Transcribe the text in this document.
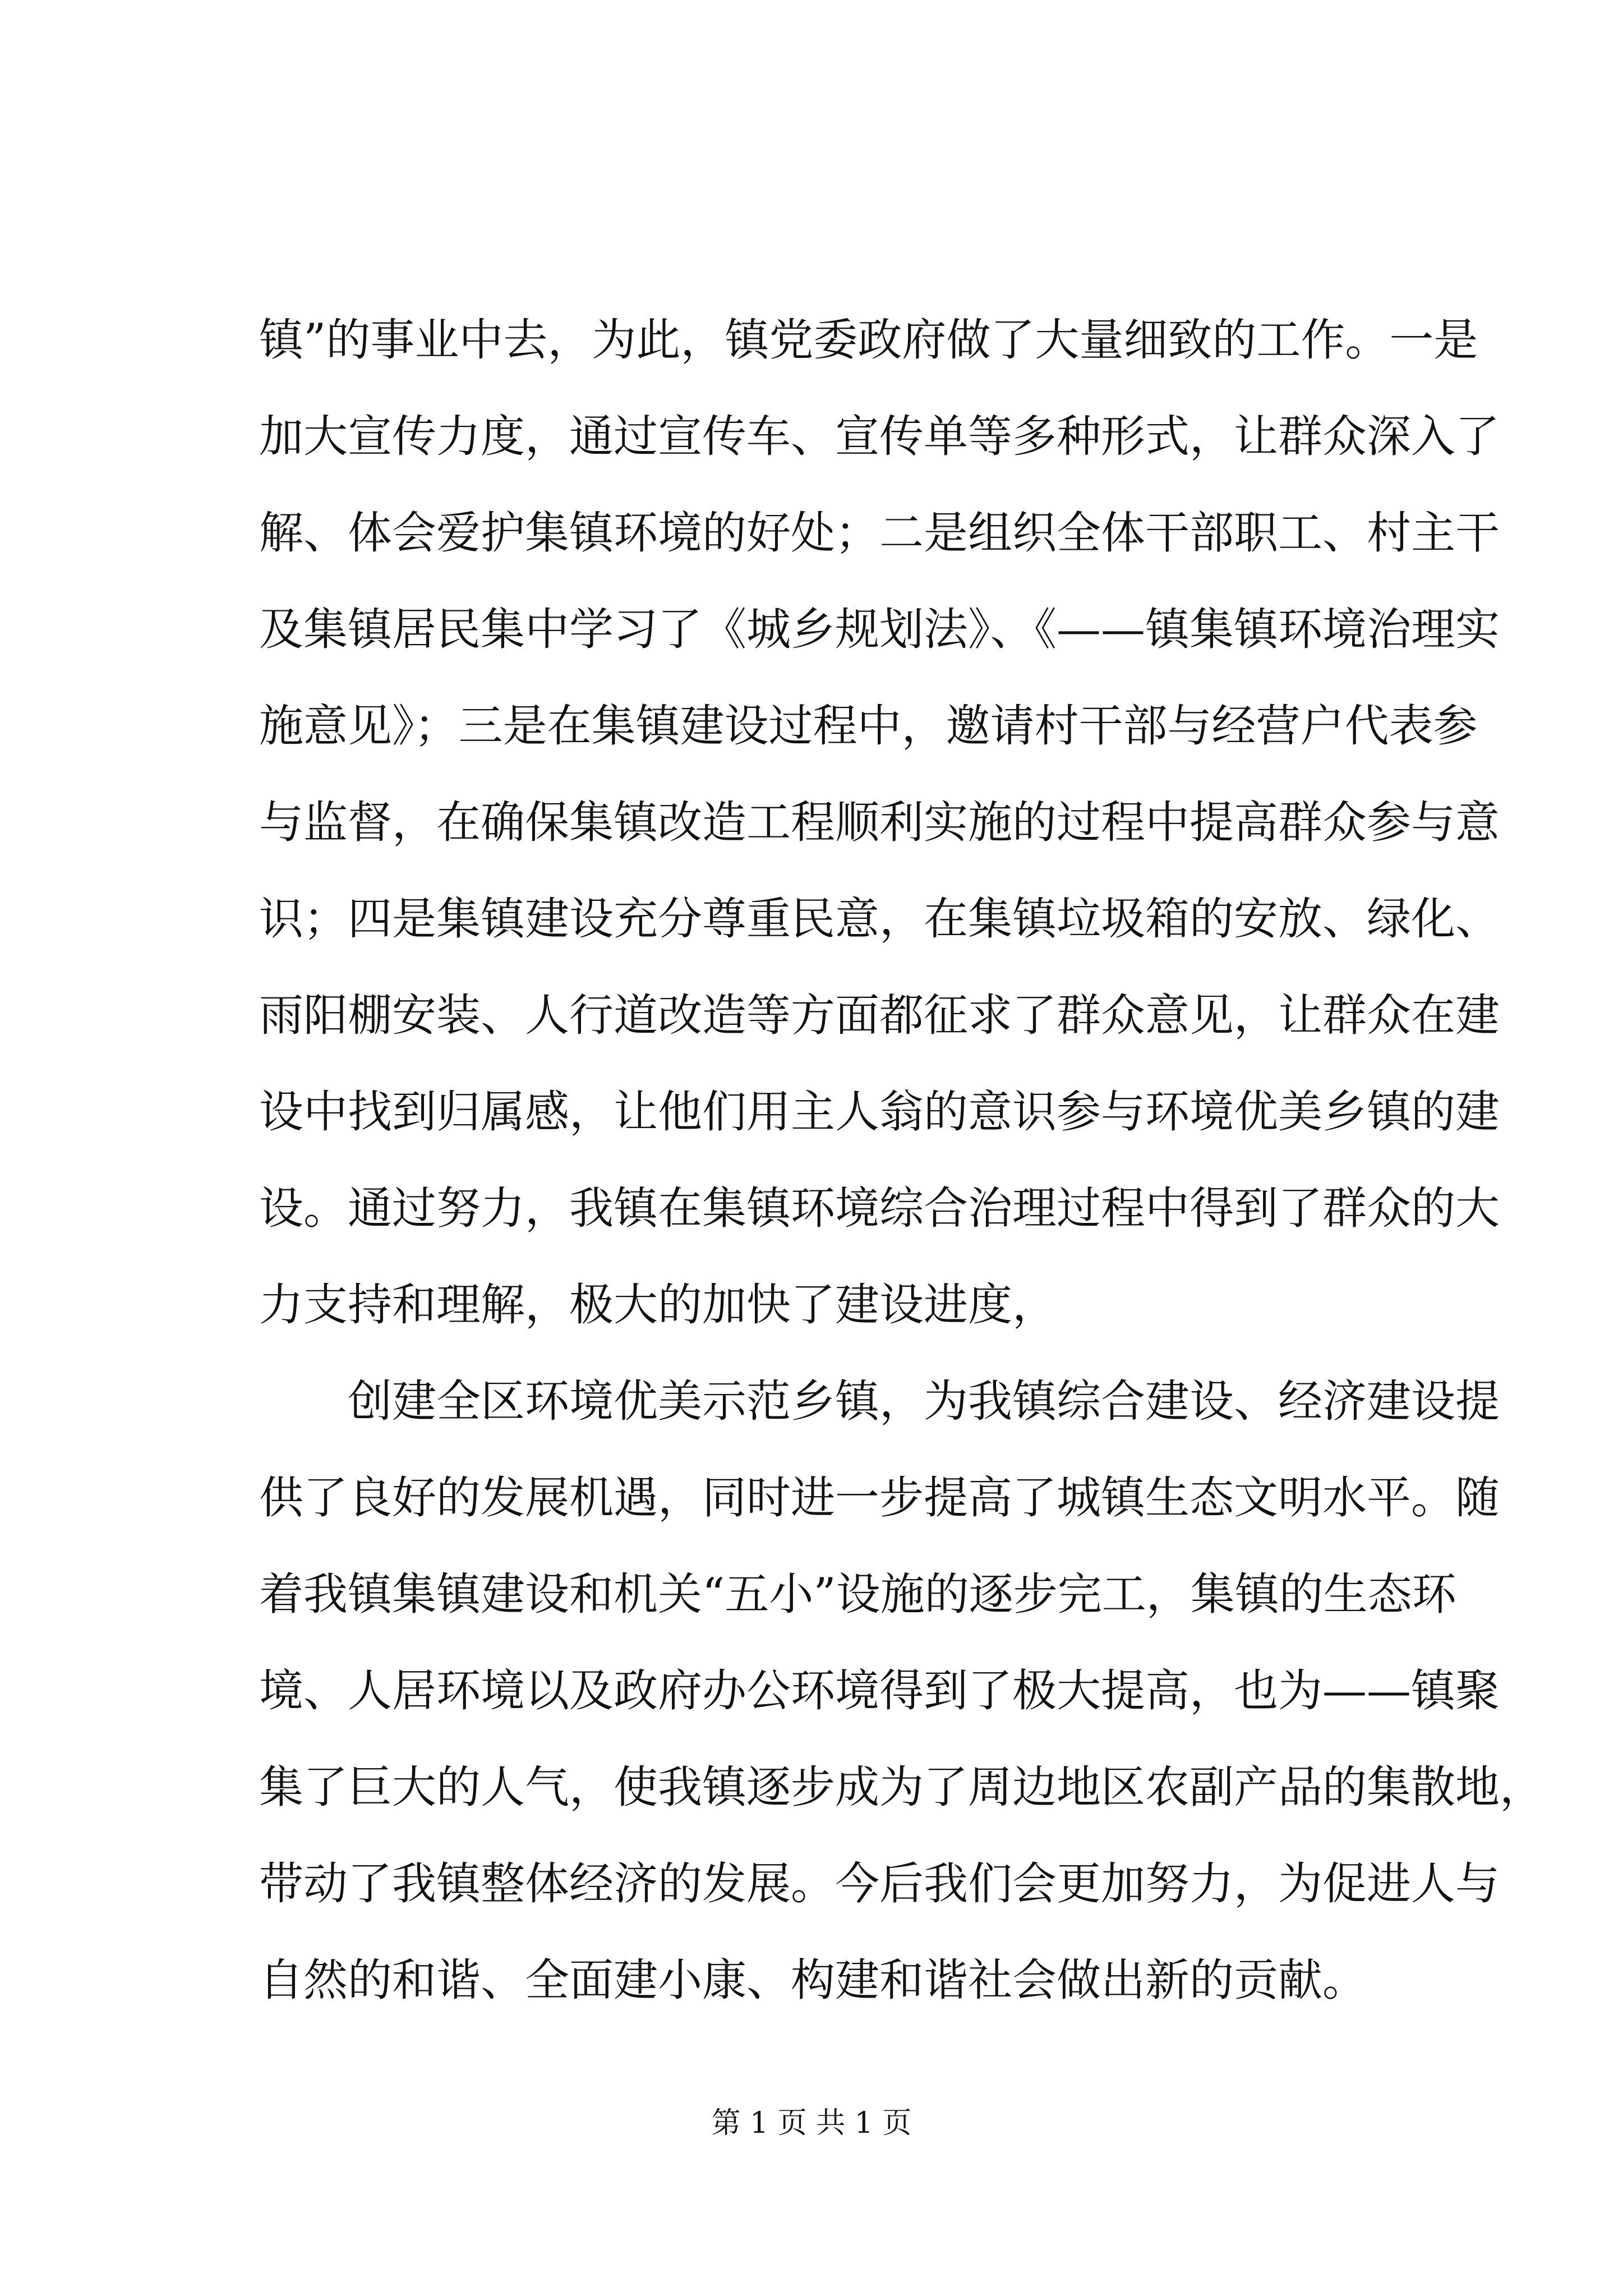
镇”的事业中去，为此，镇党委政府做了大量细致的工作。一是
加大宣传力度，通过宣传车、宣传单等多种形式，让群众深入了
解、体会爱护集镇环境的好处；二是组织全体干部职工、村主干
及集镇居民集中学习了《城乡规划法》、《——镇集镇环境治理实
施意见》；三是在集镇建设过程中，邀请村干部与经营户代表参
与监督，在确保集镇改造工程顺利实施的过程中提高群众参与意
识；四是集镇建设充分尊重民意，在集镇垃圾箱的安放、绿化、
雨阳棚安装、人行道改造等方面都征求了群众意见，让群众在建
设中找到归属感，让他们用主人翁的意识参与环境优美乡镇的建
设。通过努力，我镇在集镇环境综合治理过程中得到了群众的大
力支持和理解，极大的加快了建设进度，
创建全区环境优美示范乡镇，为我镇综合建设、经济建设提
供了良好的发展机遇，同时进一步提高了城镇生态文明水平。随
着我镇集镇建设和机关“五小”设施的逐步完工，集镇的生态环
境、人居环境以及政府办公环境得到了极大提高，也为——镇聚
集了巨大的人气，使我镇逐步成为了周边地区农副产品的集散地，
带动了我镇整体经济的发展。今后我们会更加努力，为促进人与
自然的和谐、全面建小康、构建和谐社会做出新的贡献。
第 1 页 共 1 页
